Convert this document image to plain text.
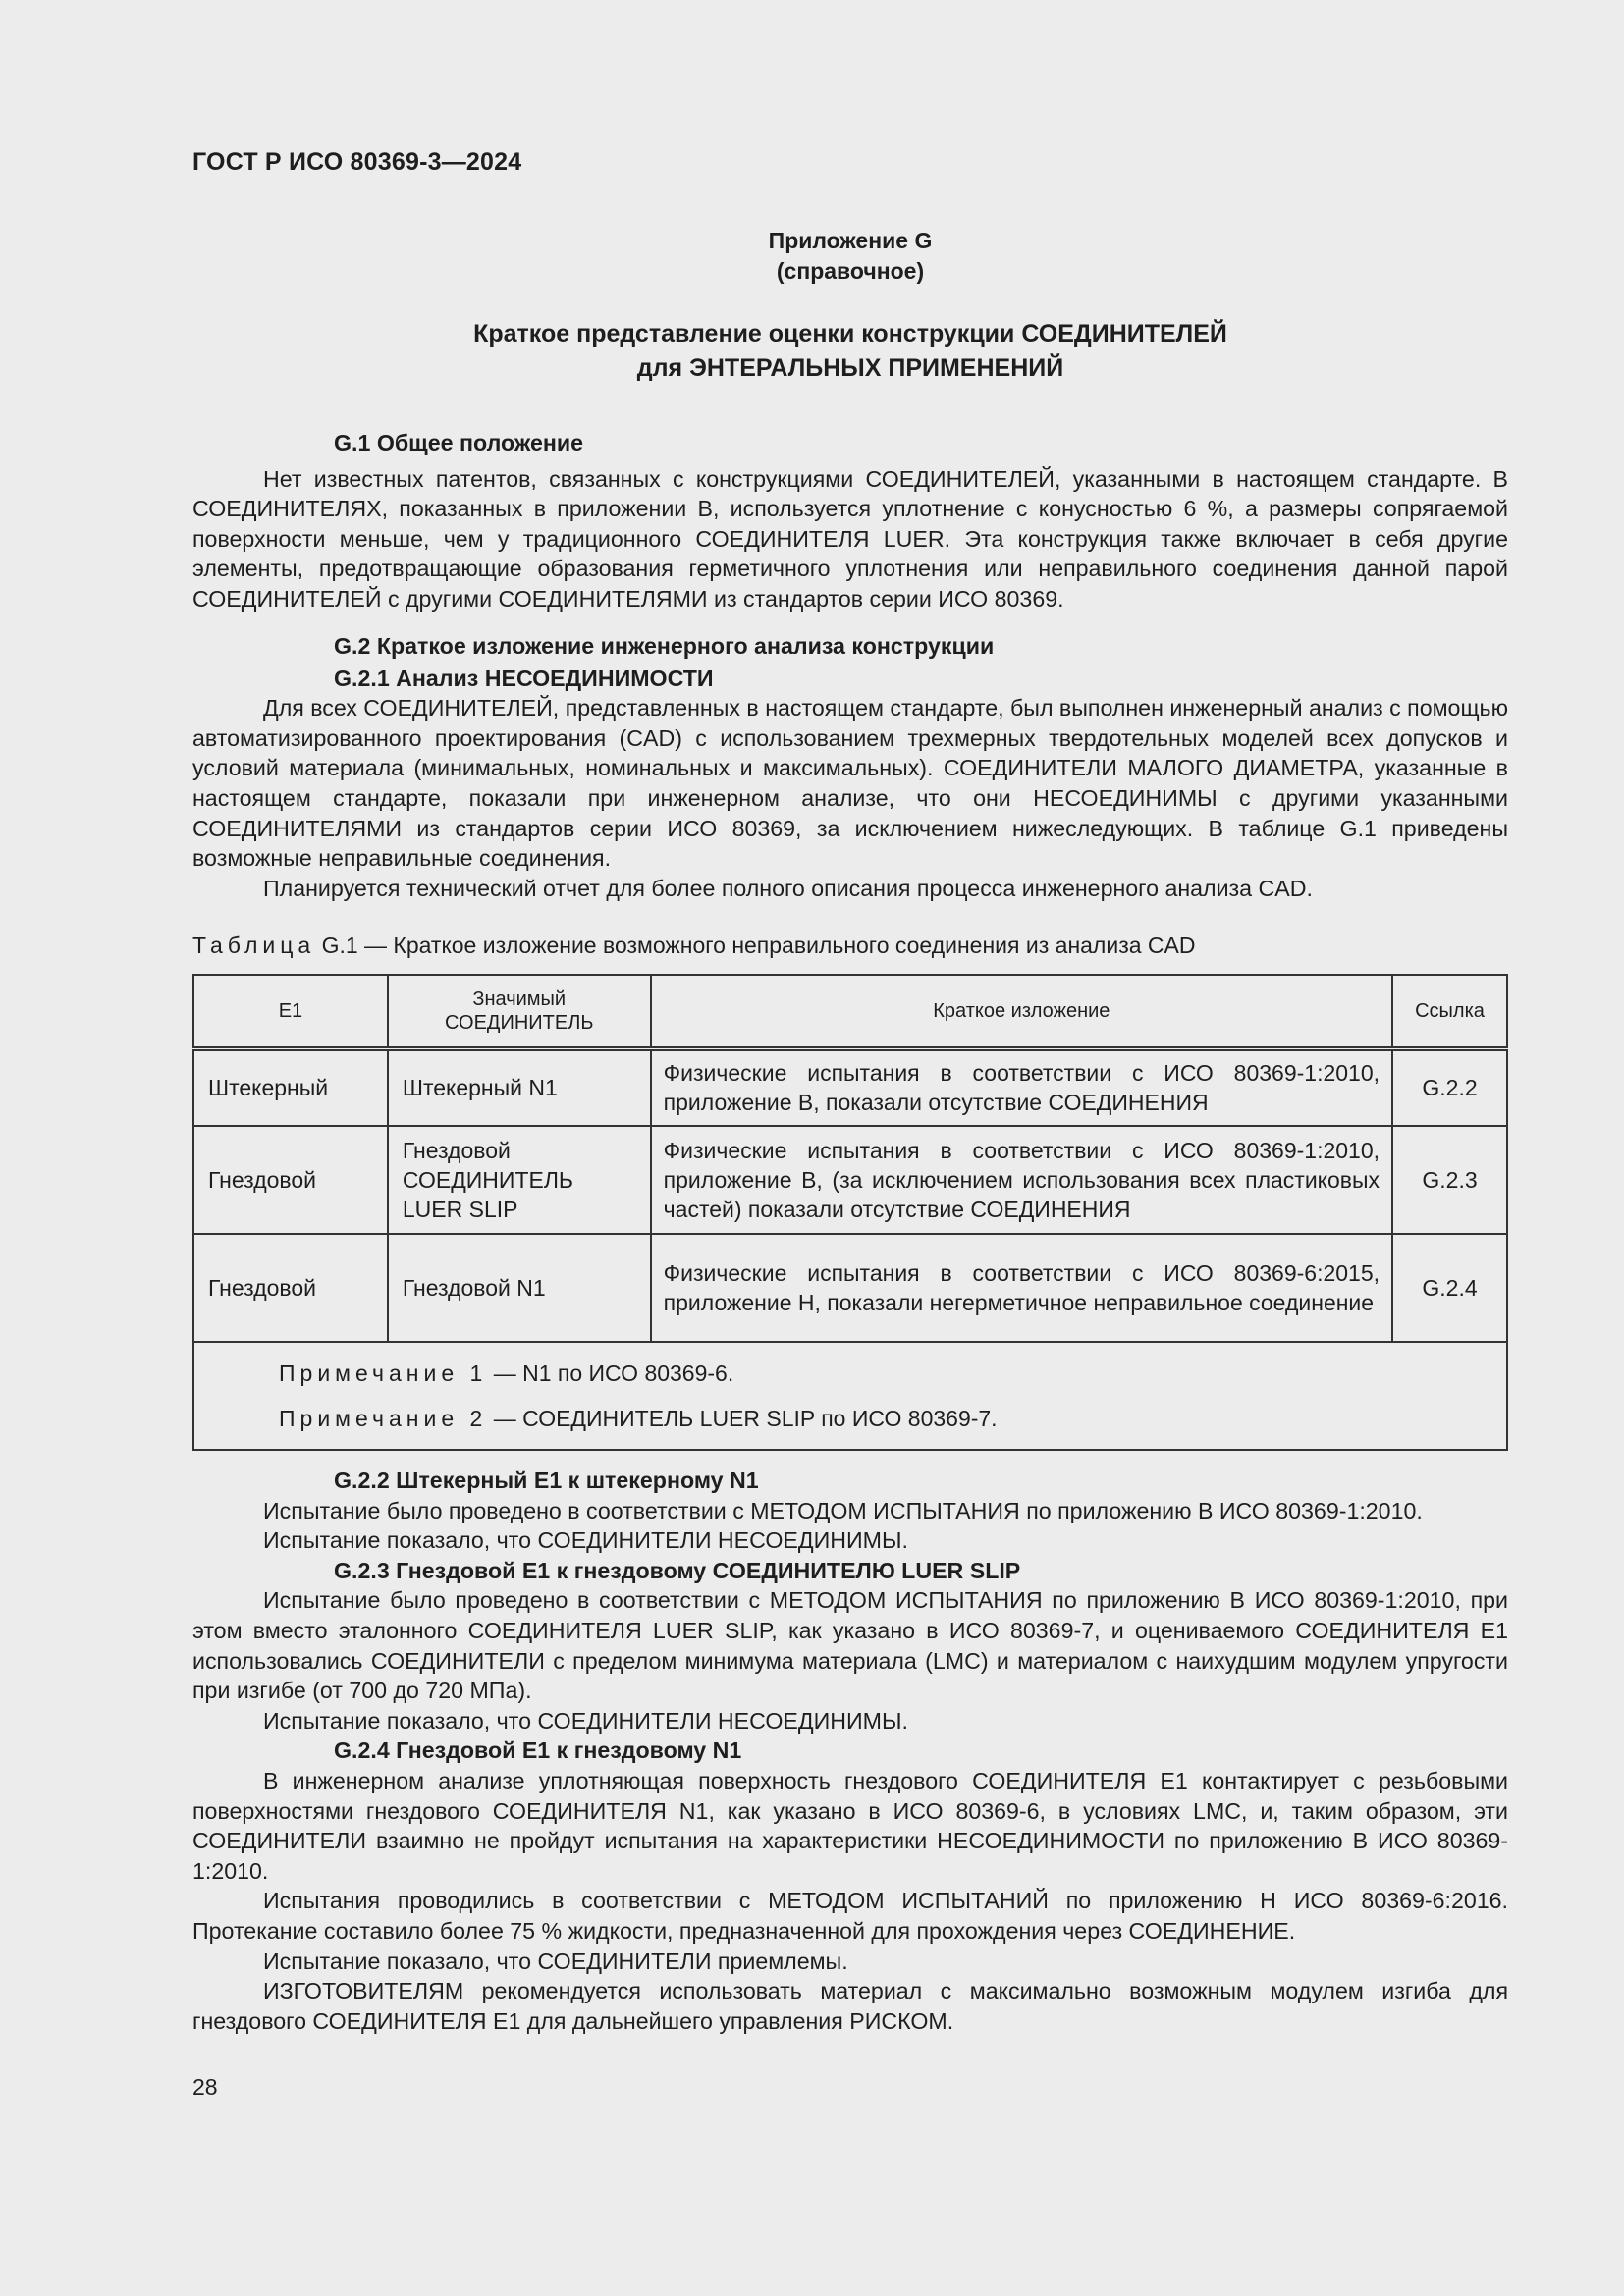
ГОСТ Р ИСО 80369-3—2024
Приложение G
(справочное)
Краткое представление оценки конструкции СОЕДИНИТЕЛЕЙ
для ЭНТЕРАЛЬНЫХ ПРИМЕНЕНИЙ

G.1 Общее положение

Нет известных патентов, связанных с конструкциями СОЕДИНИТЕЛЕЙ, указанными в настоящем стандарте. В СОЕДИНИТЕЛЯХ, показанных в приложении В, используется уплотнение с конусностью 6 %, а размеры сопрягаемой поверхности меньше, чем у традиционного СОЕДИНИТЕЛЯ LUER. Эта конструкция также включает в себя другие элементы, предотвращающие образования герметичного уплотнения или неправильного соединения данной парой СОЕДИНИТЕЛЕЙ с другими СОЕДИНИТЕЛЯМИ из стандартов серии ИСО 80369.

G.2 Краткое изложение инженерного анализа конструкции

G.2.1 Анализ НЕСОЕДИНИМОСТИ

Для всех СОЕДИНИТЕЛЕЙ, представленных в настоящем стандарте, был выполнен инженерный анализ с помощью автоматизированного проектирования (CAD) с использованием трехмерных твердотельных моделей всех допусков и условий материала (минимальных, номинальных и максимальных). СОЕДИНИТЕЛИ МАЛОГО ДИАМЕТРА, указанные в настоящем стандарте, показали при инженерном анализе, что они НЕСОЕДИНИМЫ с другими указанными СОЕДИНИТЕЛЯМИ из стандартов серии ИСО 80369, за исключением нижеследующих. В таблице G.1 приведены возможные неправильные соединения.

Планируется технический отчет для более полного описания процесса инженерного анализа CAD.

Таблица G.1 — Краткое изложение возможного неправильного соединения из анализа CAD
E1	Значимый СОЕДИНИТЕЛЬ	Краткое изложение	Ссылка
Штекерный	Штекерный N1	Физические испытания в соответствии с ИСО 80369-1:2010, приложение В, показали отсутствие СОЕДИНЕНИЯ	G.2.2
Гнездовой	Гнездовой СОЕДИНИТЕЛЬ LUER SLIP	Физические испытания в соответствии с ИСО 80369-1:2010, приложение В, (за исключением использования всех пластиковых частей) показали отсутствие СОЕДИНЕНИЯ	G.2.3
Гнездовой	Гнездовой N1	Физические испытания в соответствии с ИСО 80369-6:2015, приложение Н, показали негерметичное неправильное соединение	G.2.4

Примечание 1 — N1 по ИСО 80369-6.
Примечание 2 — СОЕДИНИТЕЛЬ LUER SLIP по ИСО 80369-7.			

G.2.2 Штекерный E1 к штекерному N1

Испытание было проведено в соответствии с МЕТОДОМ ИСПЫТАНИЯ по приложению В ИСО 80369-1:2010.

Испытание показало, что СОЕДИНИТЕЛИ НЕСОЕДИНИМЫ.

G.2.3 Гнездовой E1 к гнездовому СОЕДИНИТЕЛЮ LUER SLIP

Испытание было проведено в соответствии с МЕТОДОМ ИСПЫТАНИЯ по приложению В ИСО 80369-1:2010, при этом вместо эталонного СОЕДИНИТЕЛЯ LUER SLIP, как указано в ИСО 80369-7, и оцениваемого СОЕДИНИТЕЛЯ E1 использовались СОЕДИНИТЕЛИ с пределом минимума материала (LMC) и материалом с наихудшим модулем упругости при изгибе (от 700 до 720 МПа).

Испытание показало, что СОЕДИНИТЕЛИ НЕСОЕДИНИМЫ.

G.2.4 Гнездовой E1 к гнездовому N1

В инженерном анализе уплотняющая поверхность гнездового СОЕДИНИТЕЛЯ E1 контактирует с резьбовыми поверхностями гнездового СОЕДИНИТЕЛЯ N1, как указано в ИСО 80369-6, в условиях LMC, и, таким образом, эти СОЕДИНИТЕЛИ взаимно не пройдут испытания на характеристики НЕСОЕДИНИМОСТИ по приложению В ИСО 80369-1:2010.

Испытания проводились в соответствии с МЕТОДОМ ИСПЫТАНИЙ по приложению Н ИСО 80369-6:2016. Протекание составило более 75 % жидкости, предназначенной для прохождения через СОЕДИНЕНИЕ.

Испытание показало, что СОЕДИНИТЕЛИ приемлемы.

ИЗГОТОВИТЕЛЯМ рекомендуется использовать материал с максимально возможным модулем изгиба для гнездового СОЕДИНИТЕЛЯ E1 для дальнейшего управления РИСКОМ.

28
